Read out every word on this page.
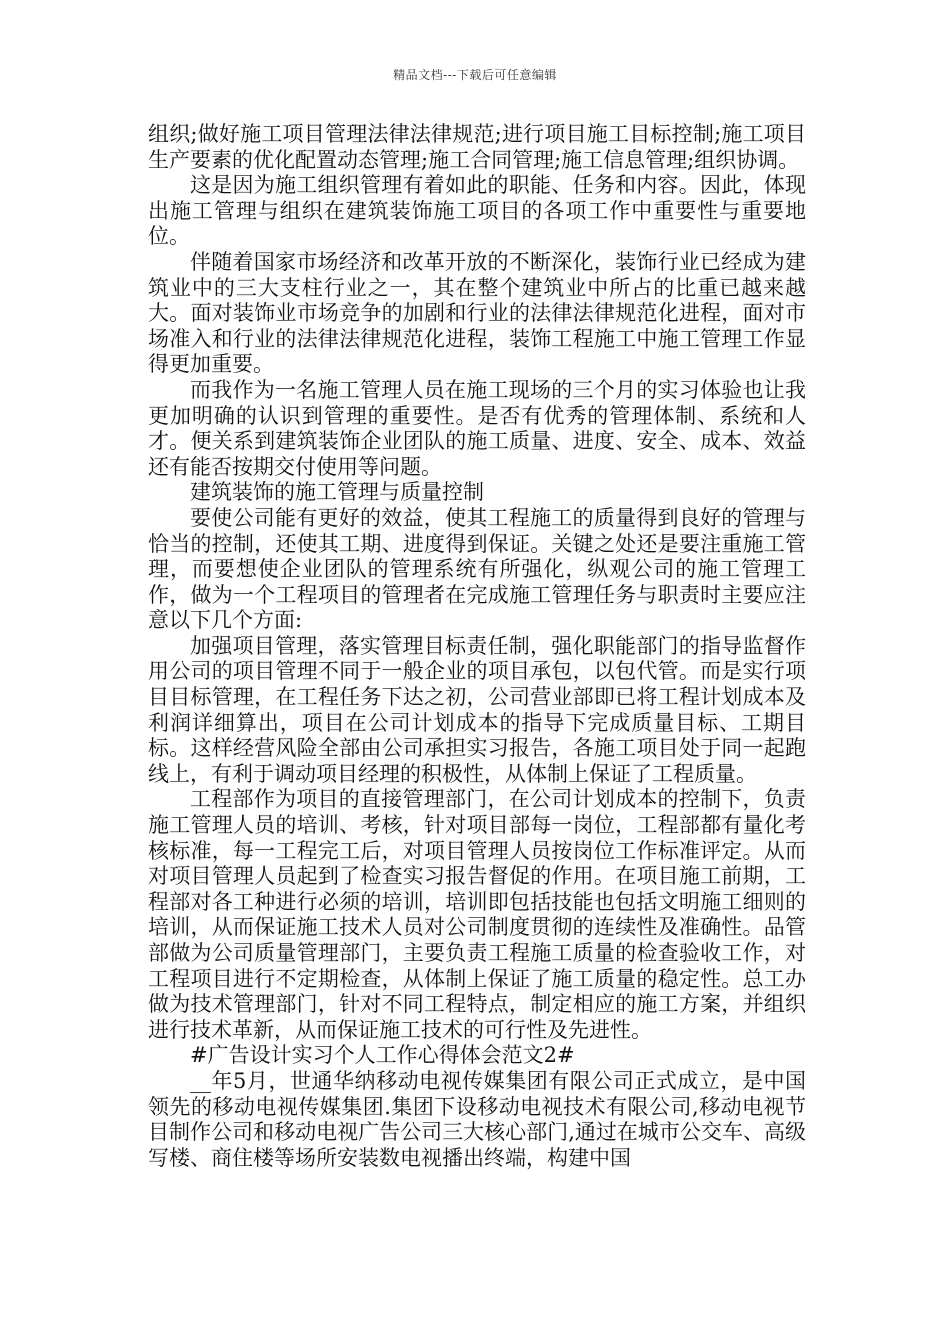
精品文档---下载后可任意编辑

组织;做好施工项目管理法律法律规范;进行项目施工目标控制;施工项目生产要素的优化配置动态管理;施工合同管理;施工信息管理;组织协调。

这是因为施工组织管理有着如此的职能、任务和内容。因此，体现出施工管理与组织在建筑装饰施工项目的各项工作中重要性与重要地位。

伴随着国家市场经济和改革开放的不断深化，装饰行业已经成为建筑业中的三大支柱行业之一，其在整个建筑业中所占的比重已越来越大。面对装饰业市场竞争的加剧和行业的法律法律规范化进程，面对市场准入和行业的法律法律规范化进程，装饰工程施工中施工管理工作显得更加重要。

而我作为一名施工管理人员在施工现场的三个月的实习体验也让我更加明确的认识到管理的重要性。是否有优秀的管理体制、系统和人才。便关系到建筑装饰企业团队的施工质量、进度、安全、成本、效益还有能否按期交付使用等问题。

建筑装饰的施工管理与质量控制

要使公司能有更好的效益，使其工程施工的质量得到良好的管理与恰当的控制，还使其工期、进度得到保证。关键之处还是要注重施工管理，而要想使企业团队的管理系统有所强化，纵观公司的施工管理工作，做为一个工程项目的管理者在完成施工管理任务与职责时主要应注意以下几个方面:

加强项目管理，落实管理目标责任制，强化职能部门的指导监督作用公司的项目管理不同于一般企业的项目承包，以包代管。而是实行项目目标管理，在工程任务下达之初，公司营业部即已将工程计划成本及利润详细算出，项目在公司计划成本的指导下完成质量目标、工期目标。这样经营风险全部由公司承担实习报告，各施工项目处于同一起跑线上，有利于调动项目经理的积极性，从体制上保证了工程质量。

工程部作为项目的直接管理部门，在公司计划成本的控制下，负责施工管理人员的培训、考核，针对项目部每一岗位，工程部都有量化考核标准，每一工程完工后，对项目管理人员按岗位工作标准评定。从而对项目管理人员起到了检查实习报告督促的作用。在项目施工前期，工程部对各工种进行必须的培训，培训即包括技能也包括文明施工细则的培训，从而保证施工技术人员对公司制度贯彻的连续性及准确性。品管部做为公司质量管理部门，主要负责工程施工质量的检查验收工作，对工程项目进行不定期检查，从体制上保证了施工质量的稳定性。总工办做为技术管理部门，针对不同工程特点，制定相应的施工方案，并组织进行技术革新，从而保证施工技术的可行性及先进性。

#广告设计实习个人工作心得体会范文2#

__年5月，世通华纳移动电视传媒集团有限公司正式成立，是中国领先的移动电视传媒集团.集团下设移动电视技术有限公司,移动电视节目制作公司和移动电视广告公司三大核心部门,通过在城市公交车、高级写楼、商住楼等场所安装数电视播出终端，构建中国
